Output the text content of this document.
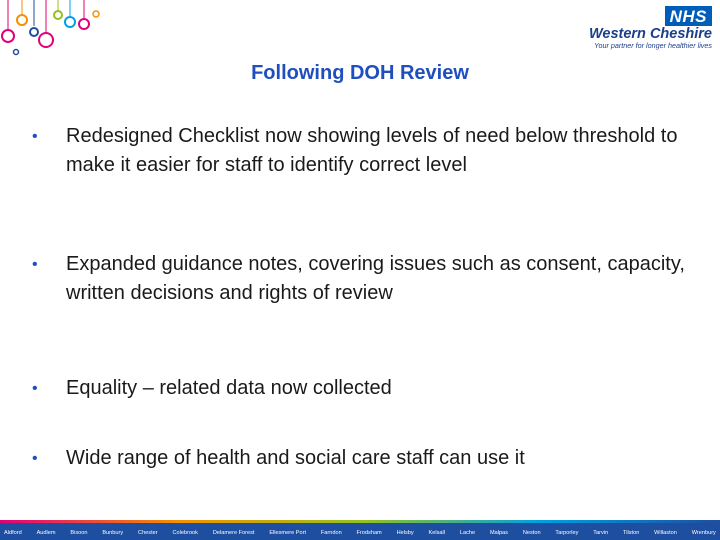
NHS
Western Cheshire
Your partner for longer healthier lives
Following DOH Review
• Redesigned Checklist now showing levels of need below threshold to make it easier for staff to identify correct level
• Expanded guidance notes, covering issues such as consent, capacity, written decisions and rights of review
• Equality – related data now collected
• Wide range of health and social care staff can use it
Aldford	Audlem	Bisoon	Bunbury	Chester	Colebrook	Delamere Forest	Ellesmere Port	Farndon	Frodsham	Helsby	Kelsall	Lache	Malpas	Neston	Tarporley	Tarvin	Tilston	Willaston	Wrenbury
